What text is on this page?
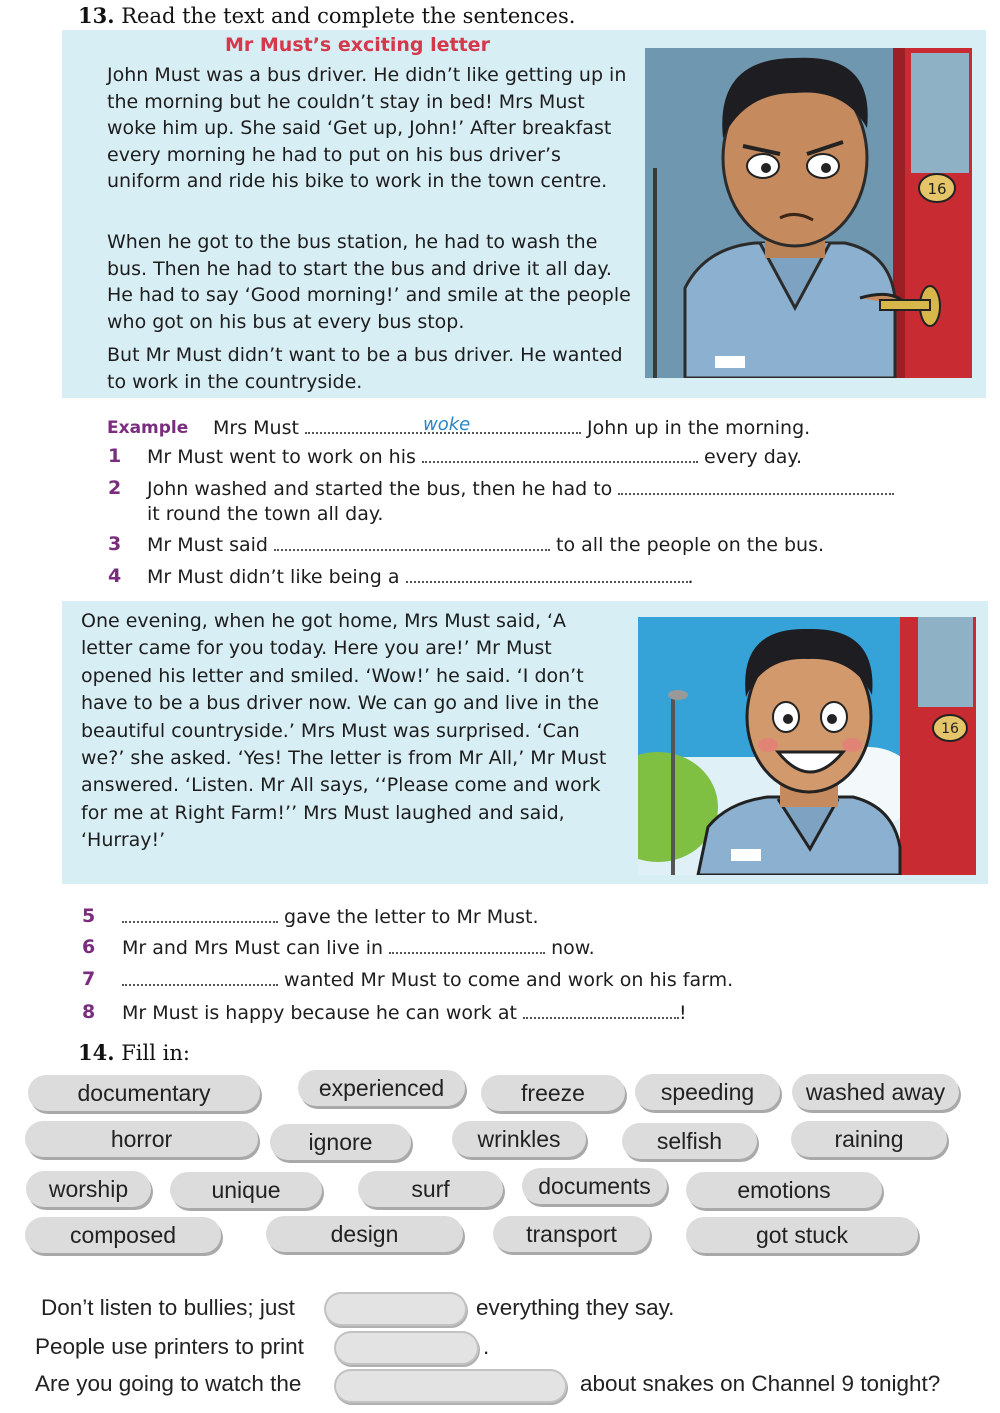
13. Read the text and complete the sentences.
Mr Must’s exciting letter
John Must was a bus driver. He didn’t like getting up in the morning but he couldn’t stay in bed! Mrs Must woke him up. She said ‘Get up, John!’ After breakfast every morning he had to put on his bus driver’s uniform and ride his bike to work in the town centre.
When he got to the bus station, he had to wash the bus. Then he had to start the bus and drive it all day. He had to say ‘Good morning!’ and smile at the people who got on his bus at every bus stop.
But Mr Must didn’t want to be a bus driver. He wanted to work in the countryside.
16
Example Mrs Must	John up in the morning.
woke
1 Mr Must went to work on his	every day.
2 John washed and started the bus, then he had to
it round the town all day.
3 Mr Must said	to all the people on the bus.
4 Mr Must didn’t like being a	.
One evening, when he got home, Mrs Must said, ‘A letter came for you today. Here you are!’ Mr Must opened his letter and smiled. ‘Wow!’ he said. ‘I don’t have to be a bus driver now. We can go and live in the beautiful countryside.’ Mrs Must was surprised. ‘Can we?’ she asked. ‘Yes! The letter is from Mr All,’ Mr Must answered. ‘Listen. Mr All says, ‘‘Please come and work for me at Right Farm!’’ Mrs Must laughed and said, ‘Hurray!’
16
5	gave the letter to Mr Must.
6 Mr and Mrs Must can live in	now.
7	wanted Mr Must to come and work on his farm.
8 Mr Must is happy because he can work at	!
14. Fill in:
documentary	experienced	freeze	speeding	washed away
horror	ignore	wrinkles	selfish	raining
worship	unique	surf	documents	emotions
composed	design	transport	got stuck
Don’t listen to bullies; just	everything they say.
People use printers to print	.
Are you going to watch the	about snakes on Channel 9 tonight?
